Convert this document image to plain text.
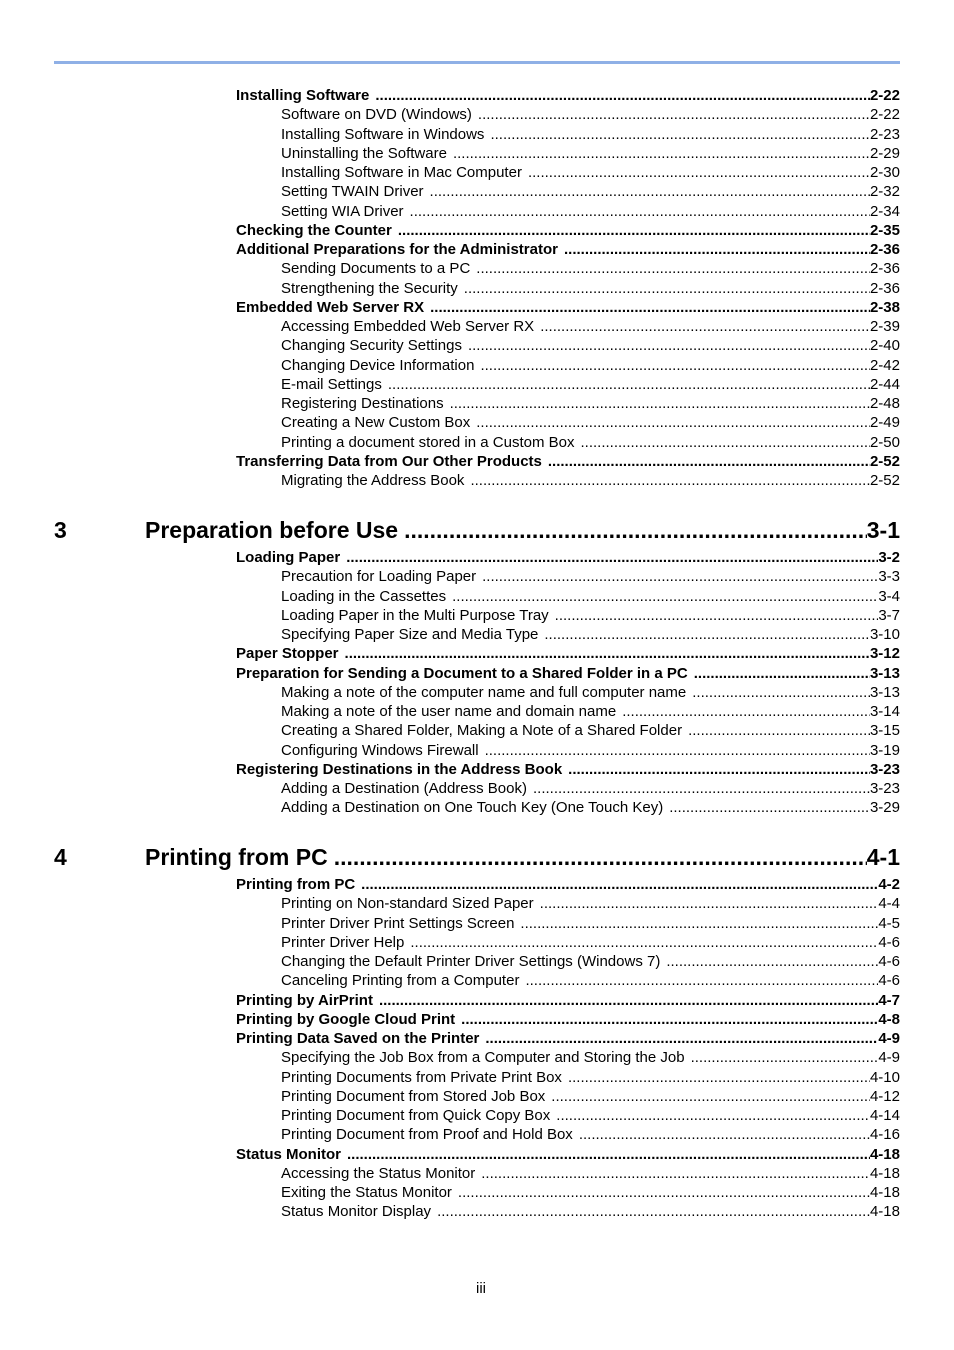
Installing Software .....	2-22
Software on DVD (Windows) .....	2-22
Installing Software in Windows .....	2-23
Uninstalling the Software .....	2-29
Installing Software in Mac Computer .....	2-30
Setting TWAIN Driver .....	2-32
Setting WIA Driver .....	2-34
Checking the Counter .....	2-35
Additional Preparations for the Administrator .....	2-36
Sending Documents to a PC .....	2-36
Strengthening the Security .....	2-36
Embedded Web Server RX .....	2-38
Accessing Embedded Web Server RX .....	2-39
Changing Security Settings .....	2-40
Changing Device Information .....	2-42
E-mail Settings .....	2-44
Registering Destinations .....	2-48
Creating a New Custom Box .....	2-49
Printing a document stored in a Custom Box .....	2-50
Transferring Data from Our Other Products .....	2-52
Migrating the Address Book .....	2-52
3	Preparation before Use .....	3-1
Loading Paper .....	3-2
Precaution for Loading Paper .....	3-3
Loading in the Cassettes .....	3-4
Loading Paper in the Multi Purpose Tray .....	3-7
Specifying Paper Size and Media Type .....	3-10
Paper Stopper .....	3-12
Preparation for Sending a Document to a Shared Folder in a PC .....	3-13
Making a note of the computer name and full computer name .....	3-13
Making a note of the user name and domain name .....	3-14
Creating a Shared Folder, Making a Note of a Shared Folder .....	3-15
Configuring Windows Firewall .....	3-19
Registering Destinations in the Address Book .....	3-23
Adding a Destination (Address Book) .....	3-23
Adding a Destination on One Touch Key (One Touch Key) .....	3-29
4	Printing from PC .....	4-1
Printing from PC .....	4-2
Printing on Non-standard Sized Paper .....	4-4
Printer Driver Print Settings Screen .....	4-5
Printer Driver Help .....	4-6
Changing the Default Printer Driver Settings (Windows 7) .....	4-6
Canceling Printing from a Computer .....	4-6
Printing by AirPrint .....	4-7
Printing by Google Cloud Print .....	4-8
Printing Data Saved on the Printer .....	4-9
Specifying the Job Box from a Computer and Storing the Job .....	4-9
Printing Documents from Private Print Box .....	4-10
Printing Document from Stored Job Box .....	4-12
Printing Document from Quick Copy Box .....	4-14
Printing Document from Proof and Hold Box .....	4-16
Status Monitor .....	4-18
Accessing the Status Monitor .....	4-18
Exiting the Status Monitor .....	4-18
Status Monitor Display .....	4-18
iii
